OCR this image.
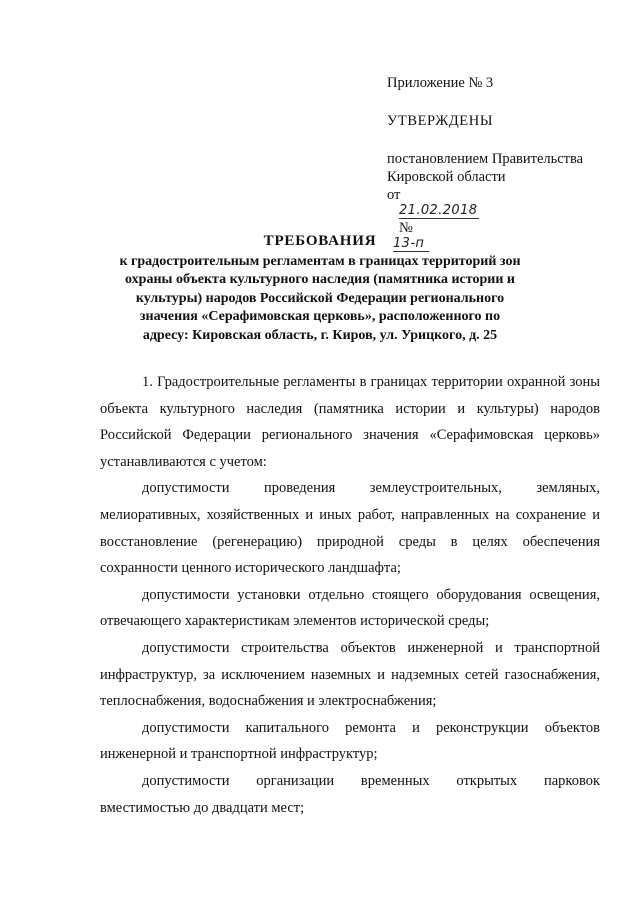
Приложение № 3
УТВЕРЖДЕНЫ
постановлением Правительства
Кировской области
от
21.02.2018
№
13-п
ТРЕБОВАНИЯ
к градостроительным регламентам в границах территорий зон
охраны объекта культурного наследия (памятника истории и
культуры) народов Российской Федерации регионального
значения «Серафимовская церковь», расположенного по
адресу: Кировская область, г. Киров, ул. Урицкого, д. 25

1. Градостроительные регламенты в границах территории охранной зоны объекта культурного наследия (памятника истории и культуры) народов Российской Федерации регионального значения «Серафимовская церковь» устанавливаются с учетом:

допустимости проведения землеустроительных, земляных, мелиоративных, хозяйственных и иных работ, направленных на сохранение и восстановление (регенерацию) природной среды в целях обеспечения сохранности ценного исторического ландшафта;

допустимости установки отдельно стоящего оборудования освещения, отвечающего характеристикам элементов исторической среды;

допустимости строительства объектов инженерной и транспортной инфраструктур, за исключением наземных и надземных сетей газоснабжения, теплоснабжения, водоснабжения и электроснабжения;

допустимости капитального ремонта и реконструкции объектов инженерной и транспортной инфраструктур;

допустимости организации временных открытых парковок вместимостью до двадцати мест;
